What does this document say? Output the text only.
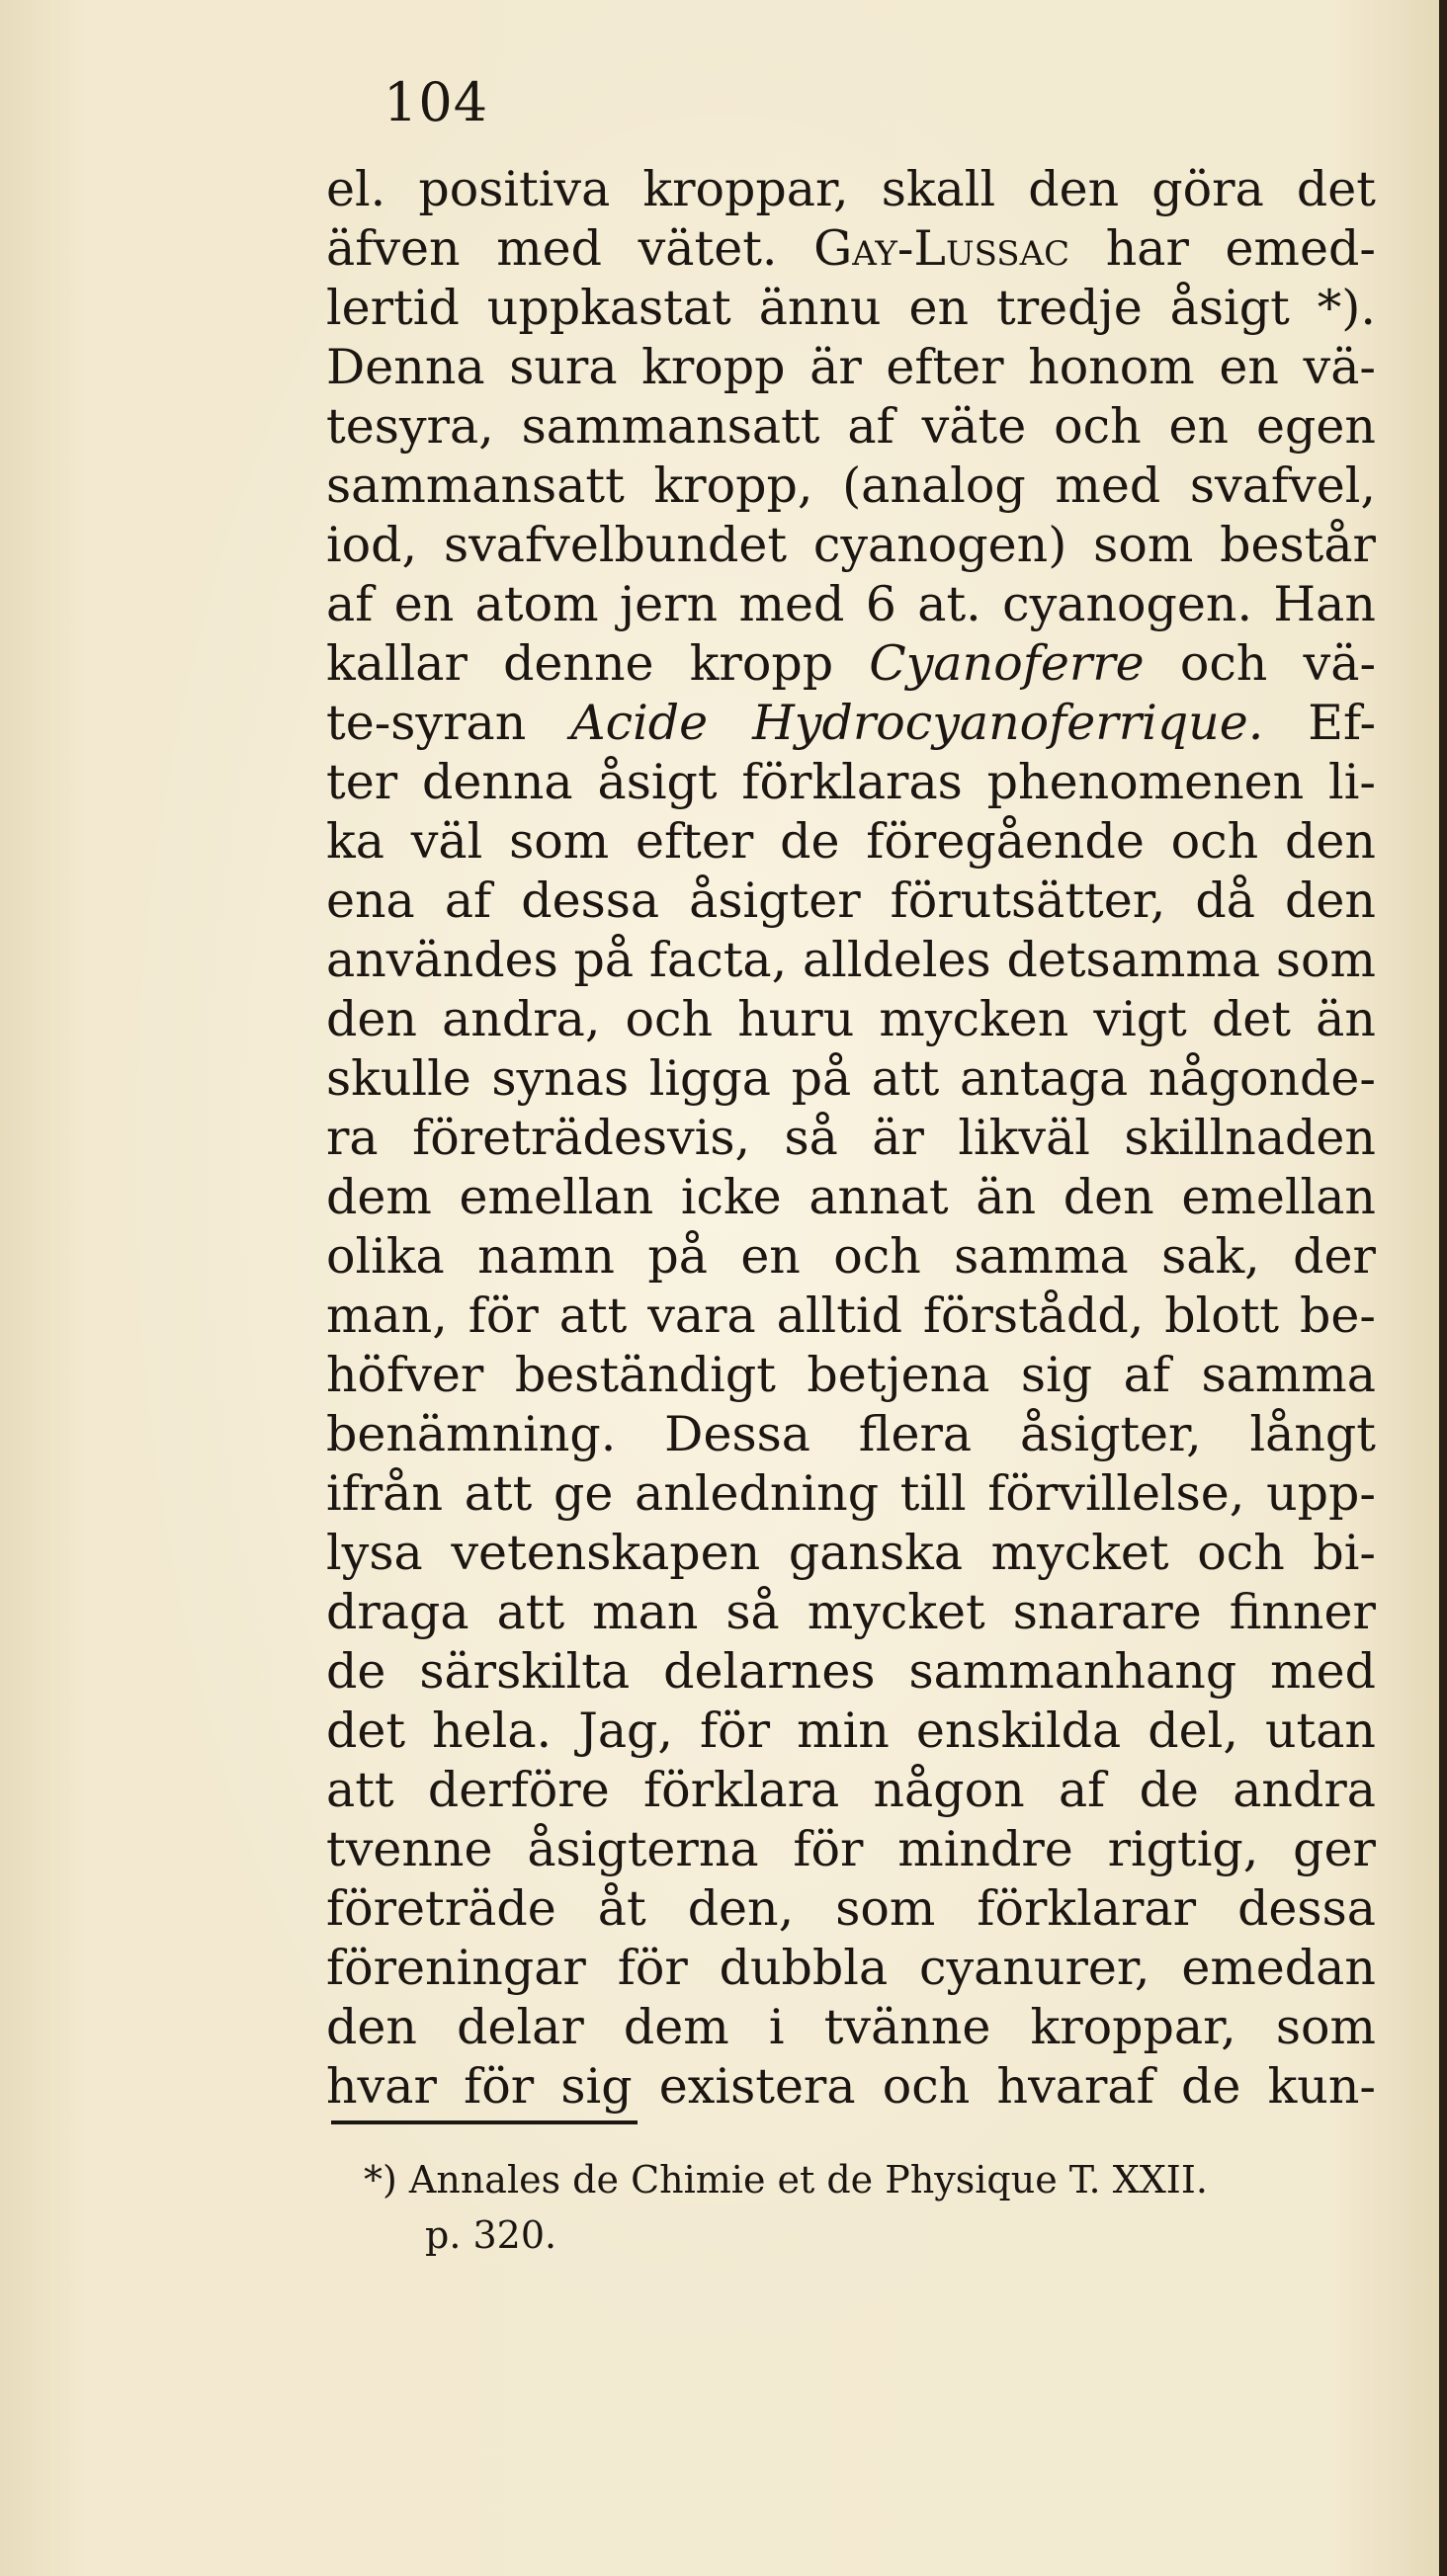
104
el. positiva kroppar, skall den göra det
äfven med vätet. Gay-Lussac har emed-
lertid uppkastat ännu en tredje åsigt *).
Denna sura kropp är efter honom en vä-
tesyra, sammansatt af väte och en egen
sammansatt kropp, (analog med svafvel,
iod, svafvelbundet cyanogen) som består
af en atom jern med 6 at. cyanogen. Han
kallar denne kropp Cyanoferre och vä-
te-syran Acide Hydrocyanoferrique. Ef-
ter denna åsigt förklaras phenomenen li-
ka väl som efter de föregående och den
ena af dessa åsigter förutsätter, då den
användes på facta, alldeles detsamma som
den andra, och huru mycken vigt det än
skulle synas ligga på att antaga någonde-
ra företrädesvis, så är likväl skillnaden
dem emellan icke annat än den emellan
olika namn på en och samma sak, der
man, för att vara alltid förstådd, blott be-
höfver beständigt betjena sig af samma
benämning. Dessa flera åsigter, långt
ifrån att ge anledning till förvillelse, upp-
lysa vetenskapen ganska mycket och bi-
draga att man så mycket snarare finner
de särskilta delarnes sammanhang med
det hela. Jag, för min enskilda del, utan
att derföre förklara någon af de andra
tvenne åsigterna för mindre rigtig, ger
företräde åt den, som förklarar dessa
föreningar för dubbla cyanurer, emedan
den delar dem i tvänne kroppar, som
hvar för sig existera och hvaraf de kun-
*) Annales de Chimie et de Physique T. XXII.
p. 320.
